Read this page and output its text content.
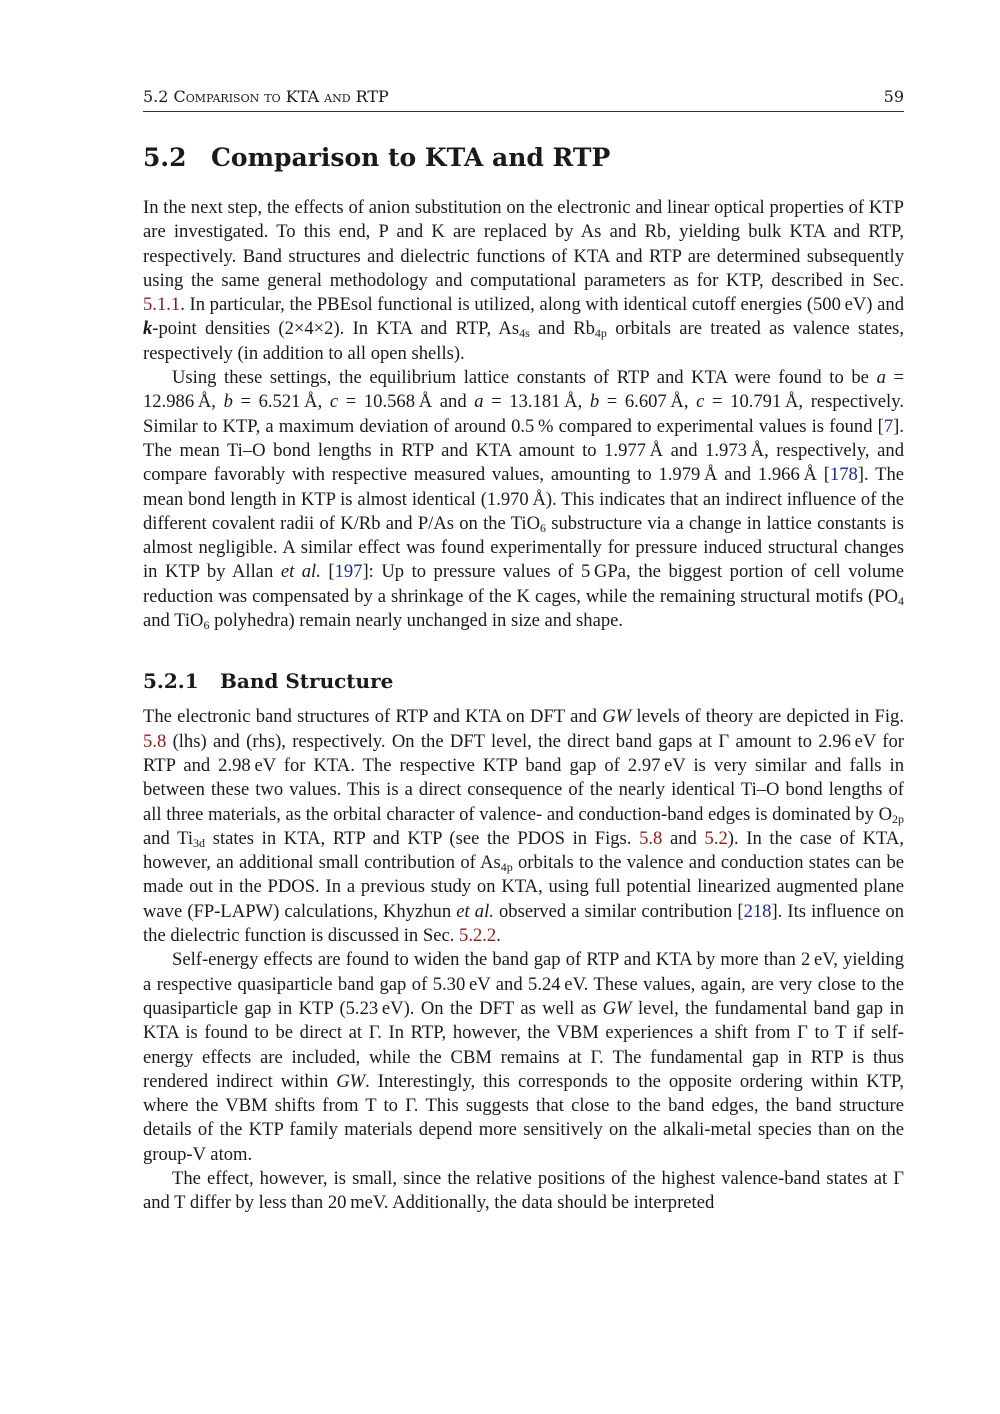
5.2 Comparison to KTA and RTP	59
5.2 Comparison to KTA and RTP

In the next step, the effects of anion substitution on the electronic and linear optical properties of KTP are investigated. To this end, P and K are replaced by As and Rb, yielding bulk KTA and RTP, respectively. Band structures and dielectric functions of KTA and RTP are determined subsequently using the same general methodology and computational parameters as for KTP, described in Sec. 5.1.1. In particular, the PBEsol functional is utilized, along with identical cutoff energies (500 eV) and k-point densities (2×4×2). In KTA and RTP, $As_{4s}$ and $Rb_{4p}$ orbitals are treated as valence states, respectively (in addition to all open shells).

Using these settings, the equilibrium lattice constants of RTP and KTA were found to be a = 12.986 Å, b = 6.521 Å, c = 10.568 Å and a = 13.181 Å, b = 6.607 Å, c = 10.791 Å, respectively. Similar to KTP, a maximum deviation of around 0.5 % compared to experimental values is found [7]. The mean Ti–O bond lengths in RTP and KTA amount to 1.977 Å and 1.973 Å, respectively, and compare favorably with respective measured values, amounting to 1.979 Å and 1.966 Å [178]. The mean bond length in KTP is almost identical (1.970 Å). This indicates that an indirect influence of the different covalent radii of K/Rb and P/As on the TiO$_6$ substructure via a change in lattice constants is almost negligible. A similar effect was found experimentally for pressure induced structural changes in KTP by Allan et al. [197]: Up to pressure values of 5 GPa, the biggest portion of cell volume reduction was compensated by a shrinkage of the K cages, while the remaining structural motifs ($PO_4$ and TiO$_6$ polyhedra) remain nearly unchanged in size and shape.

5.2.1	Band Structure

The electronic band structures of RTP and KTA on DFT and GW levels of theory are depicted in Fig. 5.8 (lhs) and (rhs), respectively. On the DFT level, the direct band gaps at Γ amount to 2.96 eV for RTP and 2.98 eV for KTA. The respective KTP band gap of 2.97 eV is very similar and falls in between these two values. This is a direct consequence of the nearly identical Ti–O bond lengths of all three materials, as the orbital character of valence- and conduction-band edges is dominated by $O_{2p}$ and $Ti_{3d}$ states in KTA, RTP and KTP (see the PDOS in Figs. 5.8 and 5.2). In the case of KTA, however, an additional small contribution of $As_{4p}$ orbitals to the valence and conduction states can be made out in the PDOS. In a previous study on KTA, using full potential linearized augmented plane wave (FP-LAPW) calculations, Khyzhun et al. observed a similar contribution [218]. Its influence on the dielectric function is discussed in Sec. 5.2.2.

Self-energy effects are found to widen the band gap of RTP and KTA by more than 2 eV, yielding a respective quasiparticle band gap of 5.30 eV and 5.24 eV. These values, again, are very close to the quasiparticle gap in KTP (5.23 eV). On the DFT as well as GW level, the fundamental band gap in KTA is found to be direct at Γ. In RTP, however, the VBM experiences a shift from Γ to T if self-energy effects are included, while the CBM remains at Γ. The fundamental gap in RTP is thus rendered indirect within GW. Interestingly, this corresponds to the opposite ordering within KTP, where the VBM shifts from T to Γ. This suggests that close to the band edges, the band structure details of the KTP family materials depend more sensitively on the alkali-metal species than on the group-V atom.

The effect, however, is small, since the relative positions of the highest valence-band states at Γ and T differ by less than 20 meV. Additionally, the data should be interpreted
